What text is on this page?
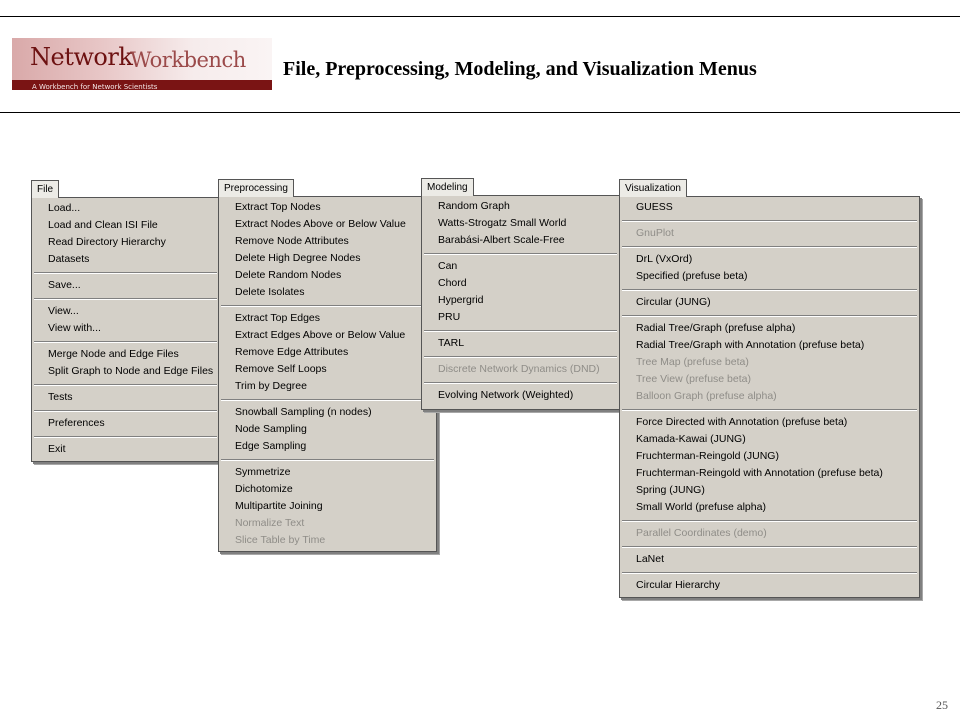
Network
Workbench
A Workbench for Network Scientists
File, Preprocessing, Modeling, and Visualization Menus
File
Load...
Load and Clean ISI File
Read Directory Hierarchy
Datasets
Save...
View...
View with...
Merge Node and Edge Files
Split Graph to Node and Edge Files
Tests
Preferences
Exit
Preprocessing
Extract Top Nodes
Extract Nodes Above or Below Value
Remove Node Attributes
Delete High Degree Nodes
Delete Random Nodes
Delete Isolates
Extract Top Edges
Extract Edges Above or Below Value
Remove Edge Attributes
Remove Self Loops
Trim by Degree
Snowball Sampling (n nodes)
Node Sampling
Edge Sampling
Symmetrize
Dichotomize
Multipartite Joining
Normalize Text
Slice Table by Time
Modeling
Random Graph
Watts-Strogatz Small World
Barabási-Albert Scale-Free
Can
Chord
Hypergrid
PRU
TARL
Discrete Network Dynamics (DND)
Evolving Network (Weighted)
Visualization
GUESS
GnuPlot
DrL (VxOrd)
Specified (prefuse beta)
Circular (JUNG)
Radial Tree/Graph (prefuse alpha)
Radial Tree/Graph with Annotation (prefuse beta)
Tree Map (prefuse beta)
Tree View (prefuse beta)
Balloon Graph (prefuse alpha)
Force Directed with Annotation (prefuse beta)
Kamada-Kawai (JUNG)
Fruchterman-Reingold (JUNG)
Fruchterman-Reingold with Annotation (prefuse beta)
Spring (JUNG)
Small World (prefuse alpha)
Parallel Coordinates (demo)
LaNet
Circular Hierarchy
25
